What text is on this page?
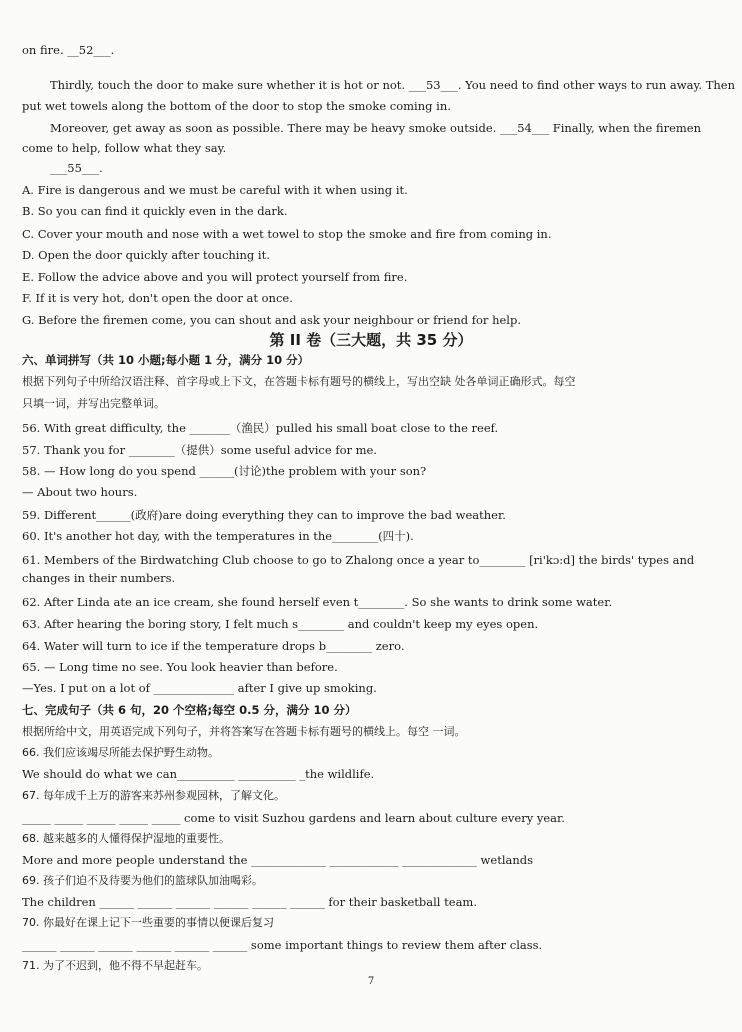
on fire. __52___.
Thirdly, touch the door to make sure whether it is hot or not. ___53___. You need to find other ways to run away. Then
put wet towels along the bottom of the door to stop the smoke coming in.
Moreover, get away as soon as possible. There may be heavy smoke outside. ___54___ Finally, when the firemen
come to help, follow what they say.
___55___.
A. Fire is dangerous and we must be careful with it when using it.
B. So you can find it quickly even in the dark.
C. Cover your mouth and nose with a wet towel to stop the smoke and fire from coming in.
D. Open the door quickly after touching it.
E. Follow the advice above and you will protect yourself from fire.
F. If it is very hot, don't open the door at once.
G. Before the firemen come, you can shout and ask your neighbour or friend for help.
第 II 卷（三大题，共 35 分）
六、单词拼写（共 10 小题;每小题 1 分，满分 10 分）
根据下列句子中所给汉语注释、首字母或上下文，在答题卡标有题号的横线上，写出空缺 处各单词正确形式。每空
只填一词，并写出完整单词。
56. With great difficulty, the _______（渔民）pulled his small boat close to the reef.
57. Thank you for ________（提供）some useful advice for me.
58. — How long do you spend ______(讨论)the problem with your son?
— About two hours.
59. Different______(政府)are doing everything they can to improve the bad weather.
60. It's another hot day, with the temperatures in the________(四十).
61. Members of the Birdwatching Club choose to go to Zhalong once a year to________ [ri'kɔ:d] the birds' types and
changes in their numbers.
62. After Linda ate an ice cream, she found herself even t________. So she wants to drink some water.
63. After hearing the boring story, I felt much s________ and couldn't keep my eyes open.
64. Water will turn to ice if the temperature drops b________ zero.
65. — Long time no see. You look heavier than before.
—Yes. I put on a lot of ______________ after I give up smoking.
七、完成句子（共 6 句，20 个空格;每空 0.5 分，满分 10 分）
根据所给中文，用英语完成下列句子，并将答案写在答题卡标有题号的横线上。每空 一词。
66. 我们应该竭尽所能去保护野生动物。
We should do what we can__________ __________ _the wildlife.
67. 每年成千上万的游客来苏州参观园林，了解文化。
_____ _____ _____ _____ _____ come to visit Suzhou gardens and learn about culture every year.
68. 越来越多的人懂得保护湿地的重要性。
More and more people understand the _____________ ____________ _____________ wetlands
69. 孩子们迫不及待要为他们的篮球队加油喝彩。
The children ______ ______ ______ ______ ______ ______ for their basketball team.
70. 你最好在课上记下一些重要的事情以便课后复习
______ ______ ______ ______ ______ ______ some important things to review them after class.
71. 为了不迟到，他不得不早起赶车。
7
